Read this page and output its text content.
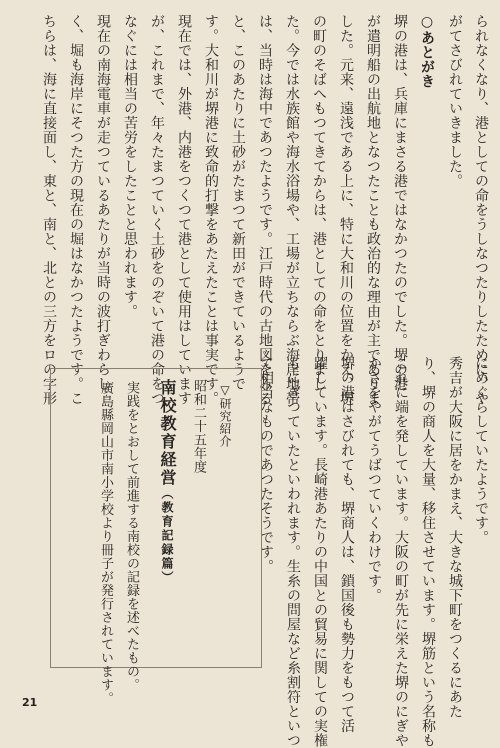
られなくなり、港としての命をうしなつたりしたために、や
がてさびれていきました。
○あとがき
堺の港は、兵庫にまさる港ではなかつたのでした。堺の港
が遣明船の出航地となつたことも政治的な理由が主でありま
した。元来、遠浅である上に、特に大和川の位置をかえ、堺
の町のそばへもつてきてからは、港としての命をとりまし
た。今では水族館や海水浴場や、工場が立ちならぶ海岸地帯
は、当時は海中であつたようです。江戸時代の古地図をみる
と、このあたりに土砂がたまつて新田ができているようで
す。大和川が堺港に致命的打撃をあたえたことは事実です。
現在では、外港、内港をつくつて港として使用はしています
が、これまで、年々たまつていく土砂をのぞいて港の命をつ
なぐには相当の苦労をしたことと思われます。
現在の南海電車が走つているあたりが当時の波打ぎわらし
く、堀も海岸にそつた方の現在の堀はなかつたようです。こ
ちらは、海に直接面し、東と、南と、北との三方をロの字形
にめぐらしていたようです。
秀吉が大阪に居をかまえ、大きな城下町をつくるにあた
り、堺の商人を大量、移住させています。堺筋という名称も
これに端を発しています。大阪の町が先に栄えた堺のにぎや
かさをやがてうばつていくわけです。
堺の港はさびれても、堺商人は、鎖国後も勢力をもつて活
躍しています。長崎港あたりの中国との貿易に関しての実権
もにぎつていたといわれます。生糸の問屋など糸割符といつ
て相当なものであつたそうです。
▽研究紹介
昭和二十五年度
南校教育経営（教育記録篇）
実践をとおして前進する南校の記録を述べたもの。
廣島縣岡山市南小学校より冊子が発行されています。
21
